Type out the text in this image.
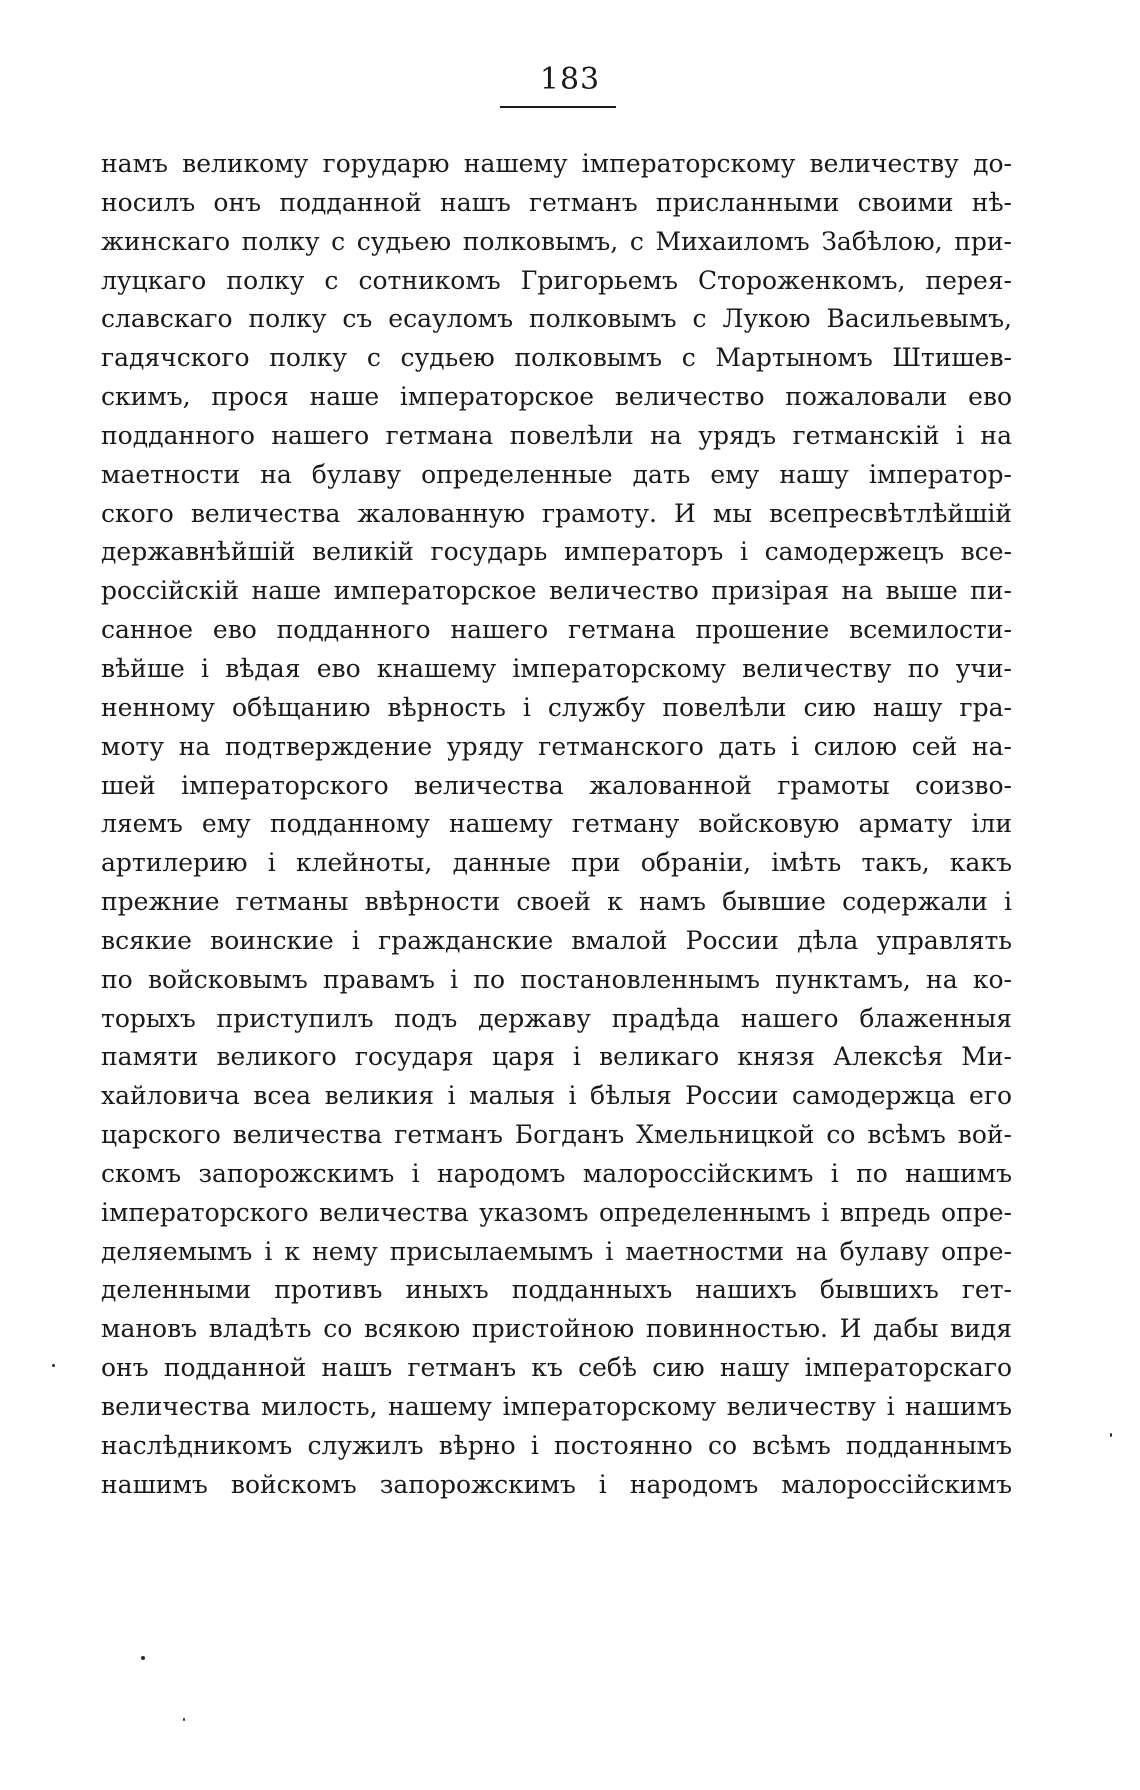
183
намъ великому горударю нашему імператорскому величеству до-
носилъ онъ подданной нашъ гетманъ присланными своими нѣ-
жинскаго полку с судьею полковымъ, с Михаиломъ Забѣлою, при-
луцкаго полку с сотникомъ Григорьемъ Стороженкомъ, перея-
славскаго полку съ есауломъ полковымъ с Лукою Васильевымъ,
гадячского полку с судьею полковымъ с Мартыномъ Штишев-
скимъ, прося наше імператорское величество пожаловали ево
подданного нашего гетмана повелѣли на урядъ гетманскій і на
маетности на булаву определенные дать ему нашу імператор-
ского величества жалованную грамоту. И мы всепресвѣтлѣйшій
державнѣйшій великій государь императоръ і самодержецъ все-
россійскій наше императорское величество призiрая на выше пи-
санное ево подданного нашего гетмана прошение всемилости-
вѣйше і вѣдая ево кнашему імператорскому величеству по учи-
ненному обѣщанию вѣрность і службу повелѣли сию нашу гра-
моту на подтверждение уряду гетманского дать і силою сей на-
шей імператорского величества жалованной грамоты соизво-
ляемъ ему подданному нашему гетману войсковую армату іли
артилерию і клейноты, данные при обранiи, імѣть такъ, какъ
прежние гетманы ввѣрности своей к намъ бывшие содержали і
всякие воинские і гражданские вмалой России дѣла управлять
по войсковымъ правамъ і по постановленнымъ пунктамъ, на ко-
торыхъ приступилъ подъ державу прадѣда нашего блаженныя
памяти великого государя царя і великаго князя Алексѣя Ми-
хайловича всеа великия і малыя і бѣлыя России самодержца его
царского величества гетманъ Богданъ Хмельницкой со всѣмъ вой-
скомъ запорожскимъ і народомъ малороссійскимъ і по нашимъ
імператорского величества указомъ определеннымъ і впредь опре-
деляемымъ і к нему присылаемымъ і маетностми на булаву опре-
деленными противъ иныхъ подданныхъ нашихъ бывшихъ гет-
мановъ владѣть со всякою пристойною повинностью. И дабы видя
онъ подданной нашъ гетманъ къ себѣ сию нашу імператорскаго
величества милость, нашему імператорскому величеству і нашимъ
наслѣдникомъ служилъ вѣрно і постоянно со всѣмъ подданнымъ
нашимъ войскомъ запорожскимъ і народомъ малороссійскимъ
